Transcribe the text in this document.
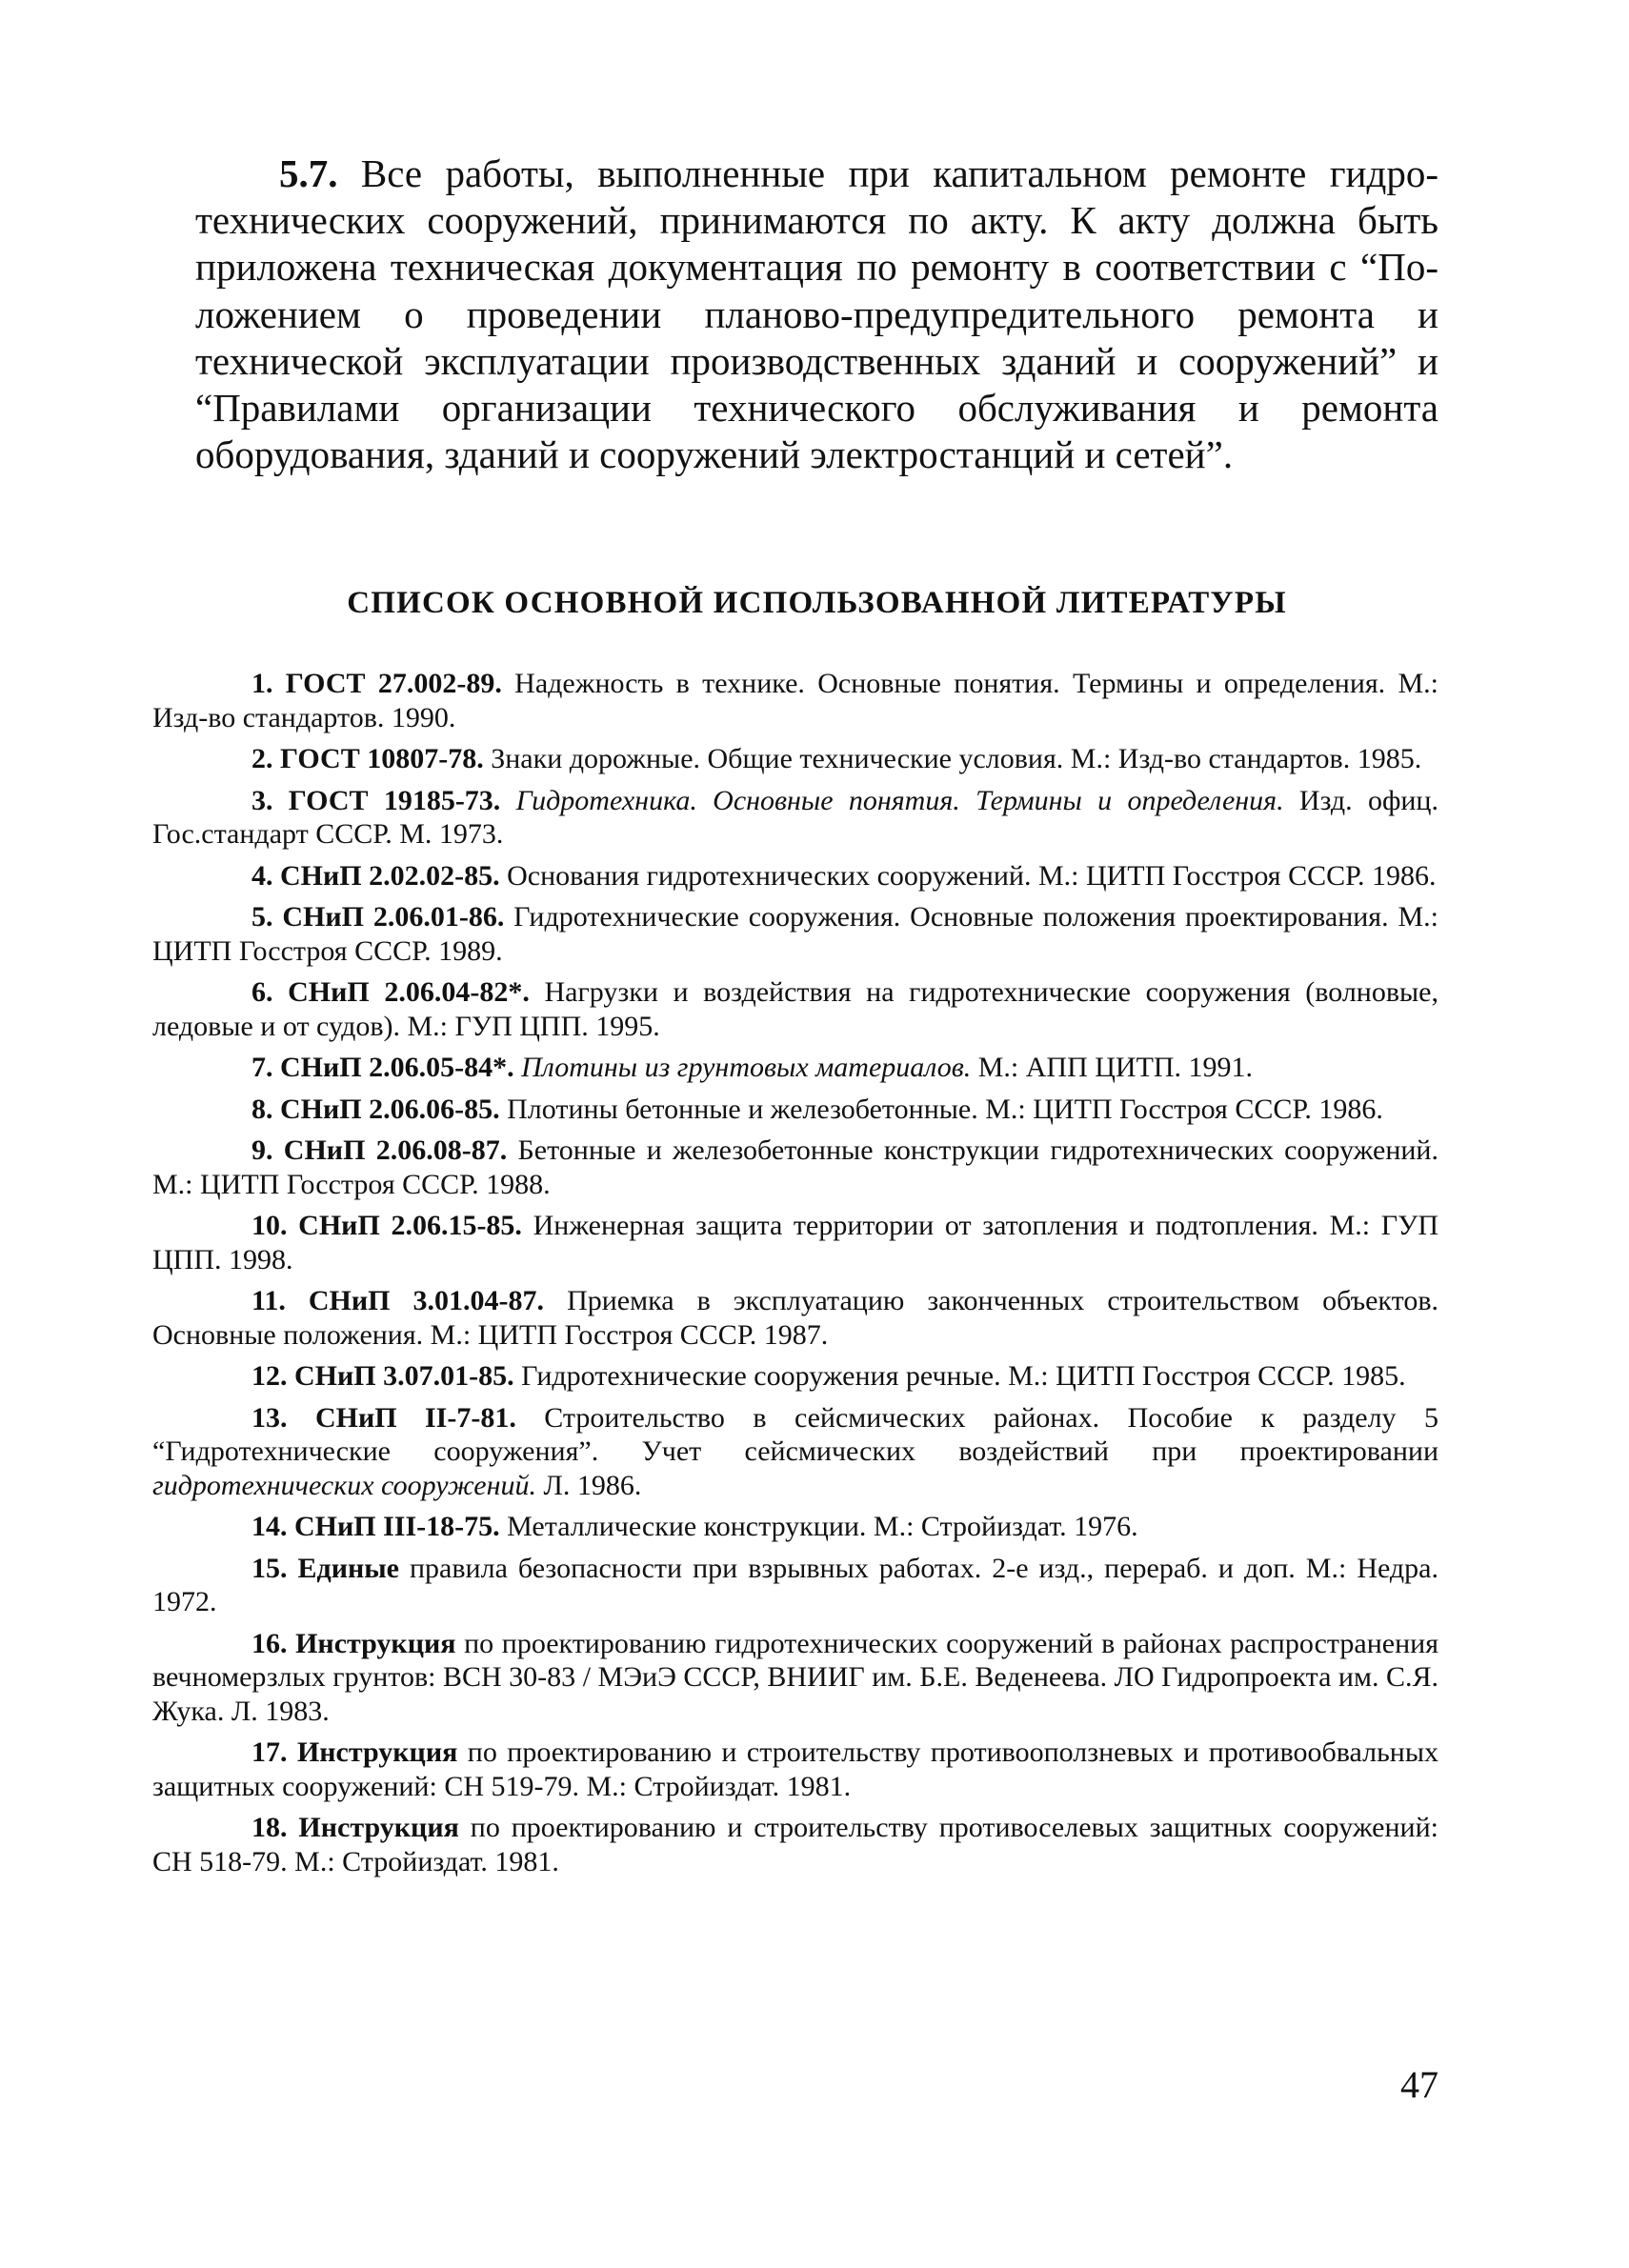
5.7. Все работы, выполненные при капитальном ремонте гидротехнических сооружений, принимаются по акту. К акту должна быть приложена техническая документация по ремонту в соответствии с “Положением о проведении планово-предупредительного ремонта и технической эксплуатации производственных зданий и сооружений” и “Правилами организации технического обслуживания и ремонта оборудования, зданий и сооружений электростанций и сетей”.

СПИСОК ОСНОВНОЙ ИСПОЛЬЗОВАННОЙ ЛИТЕРАТУРЫ
1. ГОСТ 27.002-89. Надежность в технике. Основные понятия. Термины и определения. М.: Изд-во стандартов. 1990.
2. ГОСТ 10807-78. Знаки дорожные. Общие технические условия. М.: Изд-во стандартов. 1985.
3. ГОСТ 19185-73. Гидротехника. Основные понятия. Термины и определения. Изд. офиц. Гос.стандарт СССР. М. 1973.
4. СНиП 2.02.02-85. Основания гидротехнических сооружений. М.: ЦИТП Госстроя СССР. 1986.
5. СНиП 2.06.01-86. Гидротехнические сооружения. Основные положения проектирования. М.: ЦИТП Госстроя СССР. 1989.
6. СНиП 2.06.04-82*. Нагрузки и воздействия на гидротехнические сооружения (волновые, ледовые и от судов). М.: ГУП ЦПП. 1995.
7. СНиП 2.06.05-84*. Плотины из грунтовых материалов. М.: АПП ЦИТП. 1991.
8. СНиП 2.06.06-85. Плотины бетонные и железобетонные. М.: ЦИТП Госстроя СССР. 1986.
9. СНиП 2.06.08-87. Бетонные и железобетонные конструкции гидротехнических сооружений. М.: ЦИТП Госстроя СССР. 1988.
10. СНиП 2.06.15-85. Инженерная защита территории от затопления и подтопления. М.: ГУП ЦПП. 1998.
11. СНиП 3.01.04-87. Приемка в эксплуатацию законченных строительством объектов. Основные положения. М.: ЦИТП Госстроя СССР. 1987.
12. СНиП 3.07.01-85. Гидротехнические сооружения речные. М.: ЦИТП Госстроя СССР. 1985.
13. СНиП II-7-81. Строительство в сейсмических районах. Пособие к разделу 5 “Гидротехнические сооружения”. Учет сейсмических воздействий при проектировании гидротехнических сооружений. Л. 1986.
14. СНиП III-18-75. Металлические конструкции. М.: Стройиздат. 1976.
15. Единые правила безопасности при взрывных работах. 2-е изд., перераб. и доп. М.: Недра. 1972.
16. Инструкция по проектированию гидротехнических сооружений в районах распространения вечномерзлых грунтов: ВСН 30-83 / МЭиЭ СССР, ВНИИГ им. Б.Е. Веденеева. ЛО Гидропроекта им. С.Я. Жука. Л. 1983.
17. Инструкция по проектированию и строительству противооползневых и противообвальных защитных сооружений: СН 519-79. М.: Стройиздат. 1981.
18. Инструкция по проектированию и строительству противоселевых защитных сооружений: СН 518-79. М.: Стройиздат. 1981.

47
